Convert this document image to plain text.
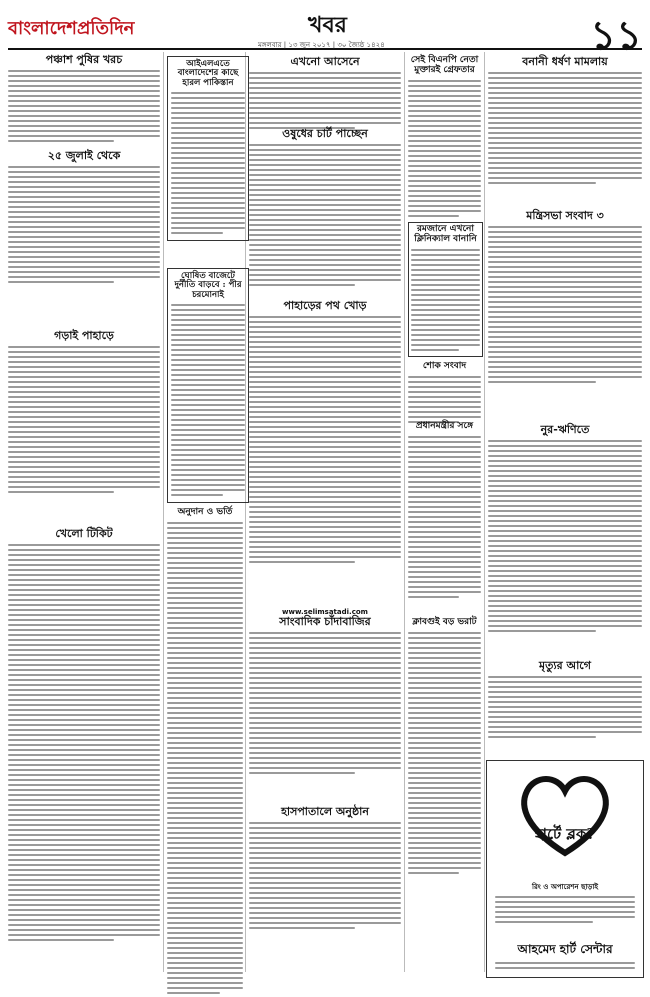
বাংলাদেশপ্রতিদিন	খবর
মঙ্গলবার | ১৩ জুন ২০১৭ | ৩০ জ্যৈষ্ঠ ১৪২৪	১১
পঞ্চাশ পুষির খরচ
২৫ জুলাই থেকে
গড়াই পাহাড়ে
খেলো টিকিট
আইএলএতে বাংলাদেশের কাছে হারল পাকিস্তান
ঘোষিত বাজেটে দুর্নীতি বাড়বে : পীর চরমোনাই
অনুদান ও ভর্তি
এখনো আসেনে
ওষুধের চার্ট পাচ্ছেন
পাহাড়ের পথ খোড়
www.selimsatadi.com
সাংবাদিক চাঁদাবাজির
হাসপাতালে অনুষ্ঠান
সেই বিএনপি নেতা মুক্তারই গ্রেফতার
রমজানে এখনো ক্লিনিক্যাল বানানি
শোক সংবাদ
প্রধানমন্ত্রীর সঙ্গে
ক্লাবগুই বড় ভরাট
বনানী ধর্ষণ মামলায়
মন্ত্রিসভা সংবাদ ৩
নুর-ঋণিতে
মৃত্যুর আগে
হার্টে ব্লক?
রিং ও অপারেশন ছাড়াই
আহমেদ হার্ট সেন্টার
